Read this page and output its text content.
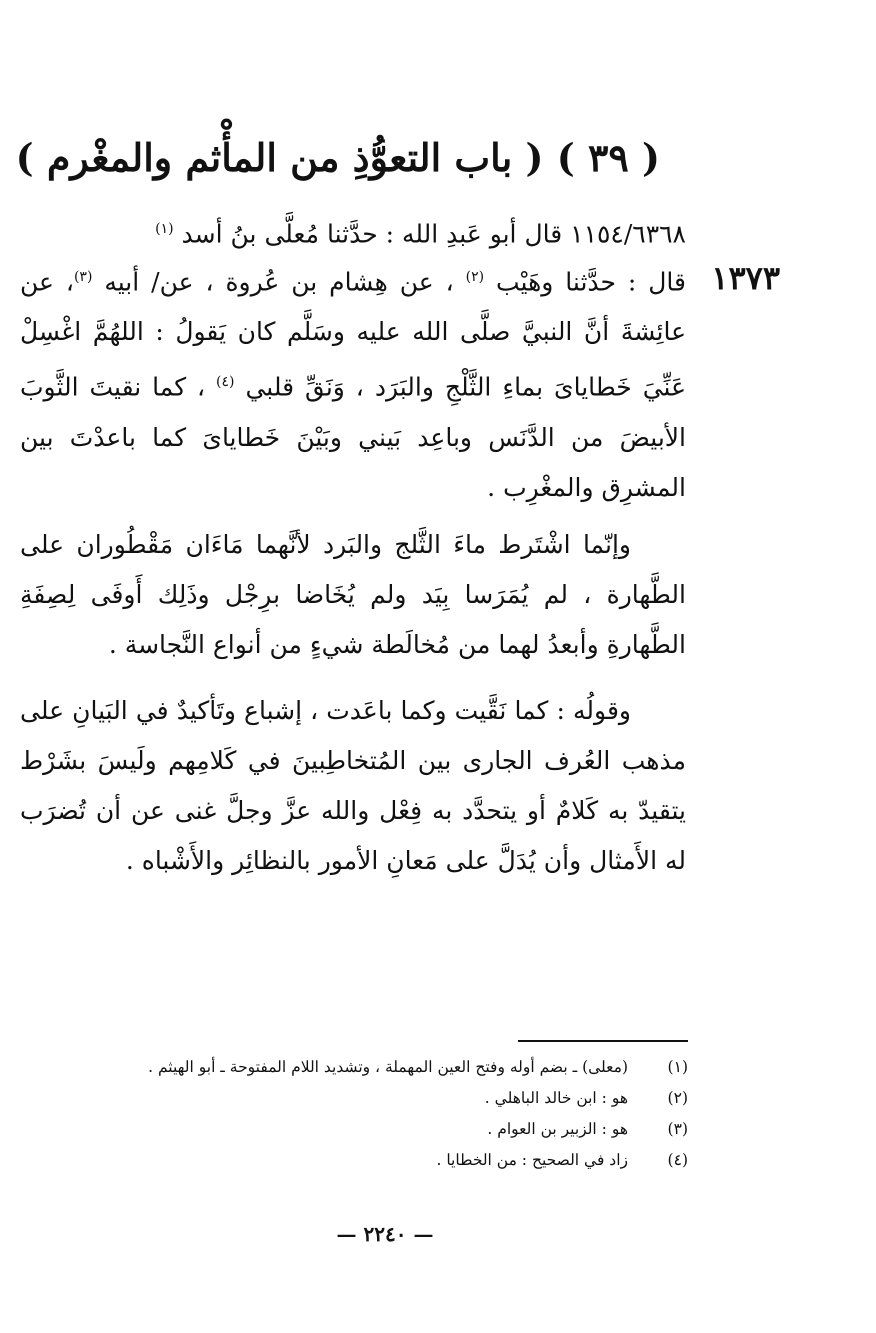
( ٣٩ ) ( باب التعوُّذِ من المأْثم والمغْرم )
١٣٧٣
١١٥٤/٦٣٦٨ قال أبو عَبدِ الله : حدَّثنا مُعلَّى بنُ أسد $^{(١)}$
قال : حدَّثنا وهَيْب $^{(٢)}$ ، عن هِشام بن عُروة ، عن/ أبيه $^{(٣)}$، عن عائِشةَ أنَّ النبيَّ صلَّى الله عليه وسَلَّم كان يَقولُ : اللهُمَّ اغْسِلْ عَنِّيَ خَطاياىَ بماءِ الثَّلْجِ والبَرَد ، وَنَقِّ قلبي $^{(٤)}$ ، كما نقيتَ الثَّوبَ الأبيضَ من الدَّنَس وباعِد بَيني وبَيْنَ خَطاياىَ كما باعدْتَ بين المشرِق والمغْرِب .
وإنّما اشْتَرط ماءَ الثَّلج والبَرد لأنَّهما مَاءَان مَقْطُوران على الطَّهارة ، لم يُمَرَسا بِيَد ولم يُخَاضا برِجْل وذَلِك أَوفَى لِصِفَةِ الطَّهارةِ وأبعدُ لهما من مُخالَطة شيءٍ من أنواع النَّجاسة .
وقولُه : كما نَقَّيت وكما باعَدت ، إشباع وتَأكيدٌ في البَيانِ على مذهب العُرف الجارى بين المُتخاطِبينَ في كَلامِهم ولَيسَ بشَرْط يتقيدّ به كَلامٌ أو يتحدَّد به فِعْل والله عزَّ وجلَّ غنى عن أن تُضرَب له الأَمثال وأن يُدَلَّ على مَعانِ الأمور بالنظائِر والأَشْباه .
(١)
(معلى) ـ بضم أوله وفتح العين المهملة ، وتشديد اللام المفتوحة ـ أبو الهيثم .
(٢)
هو : ابن خالد الباهلي .
(٣)
هو : الزبير بن العوام .
(٤)
زاد في الصحيح : من الخطايا .
— ٢٢٤٠ —
